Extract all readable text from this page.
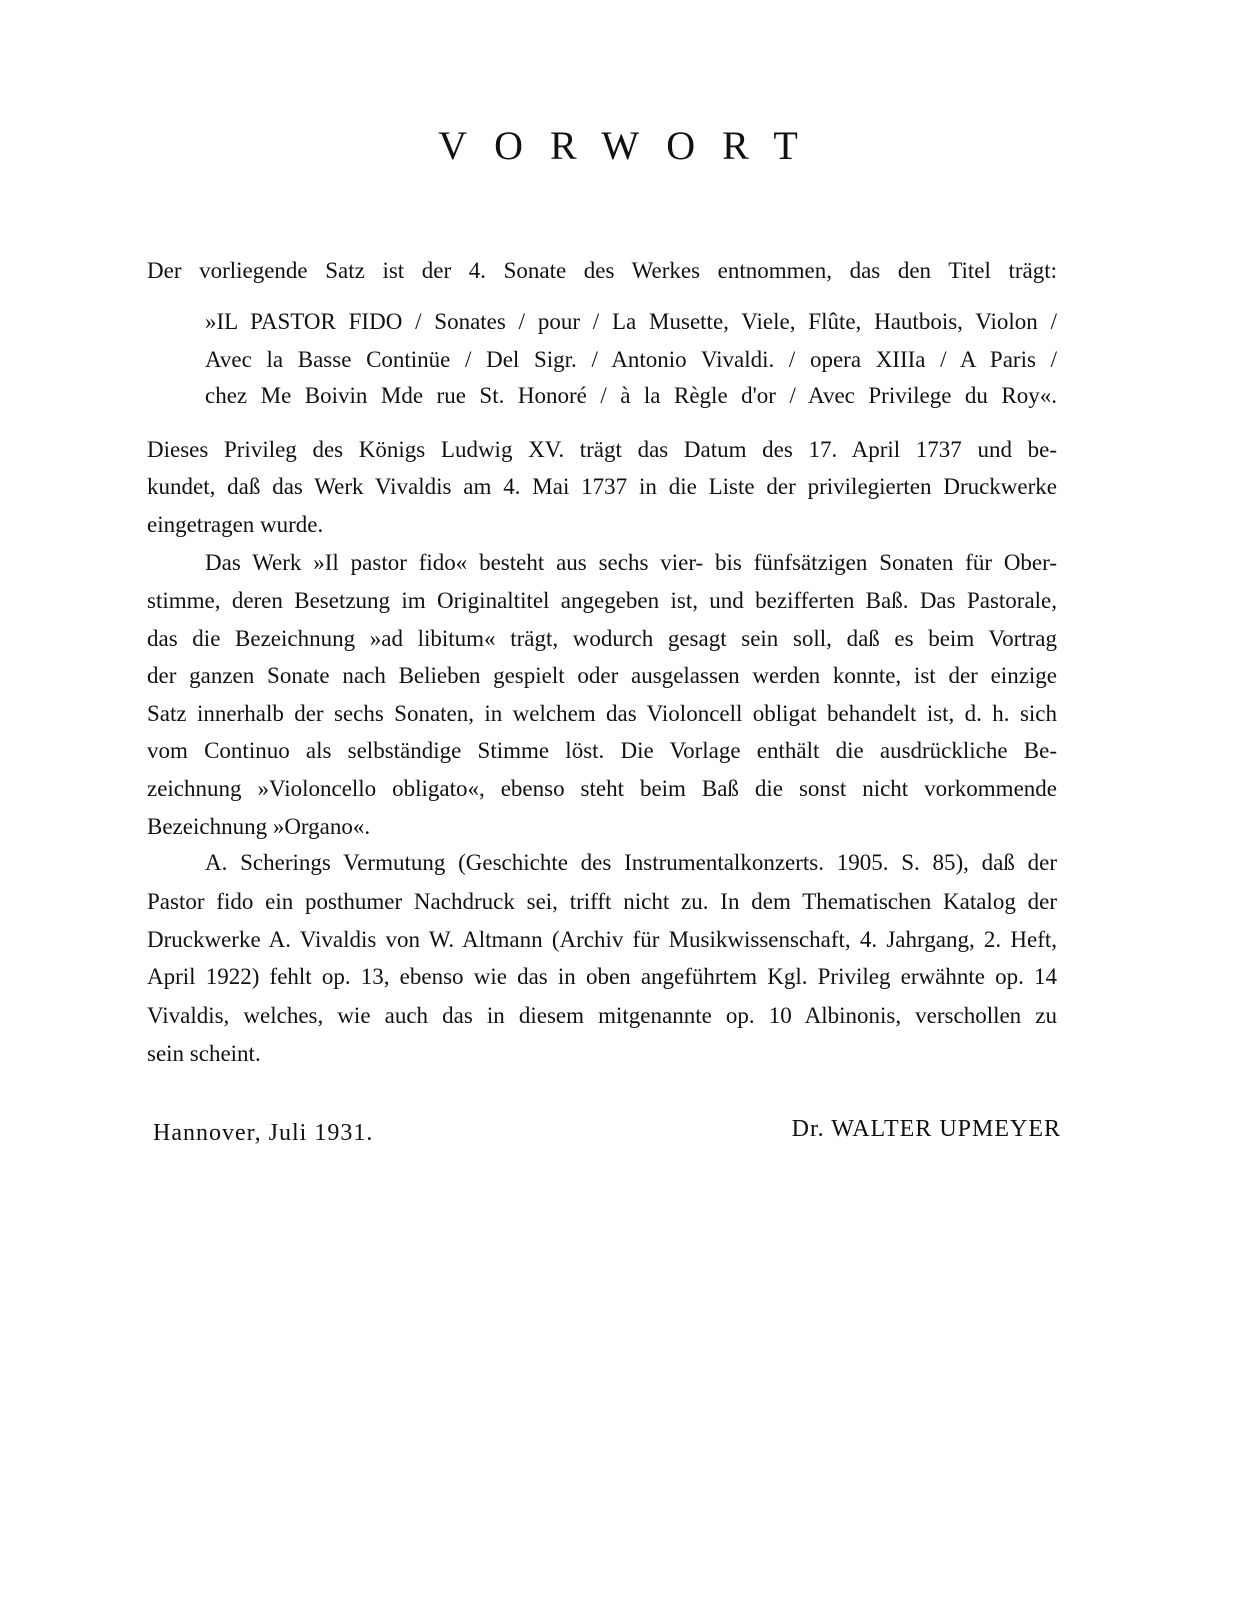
VORWORT
Der vorliegende Satz ist der 4. Sonate des Werkes entnommen, das den Titel trägt:
»IL PASTOR FIDO / Sonates / pour / La Musette, Viele, Flûte, Hautbois, Violon /
Avec la Basse Continüe / Del Sigr. / Antonio Vivaldi. / opera XIIIa / A Paris /
chez Me Boivin Mde rue St. Honoré / à la Règle d'or / Avec Privilege du Roy«.
Dieses Privileg des Königs Ludwig XV. trägt das Datum des 17. April 1737 und be-
kundet, daß das Werk Vivaldis am 4. Mai 1737 in die Liste der privilegierten Druckwerke
eingetragen wurde.
Das Werk »Il pastor fido« besteht aus sechs vier- bis fünfsätzigen Sonaten für Ober-
stimme, deren Besetzung im Originaltitel angegeben ist, und bezifferten Baß. Das Pastorale,
das die Bezeichnung »ad libitum« trägt, wodurch gesagt sein soll, daß es beim Vortrag
der ganzen Sonate nach Belieben gespielt oder ausgelassen werden konnte, ist der einzige
Satz innerhalb der sechs Sonaten, in welchem das Violoncell obligat behandelt ist, d. h. sich
vom Continuo als selbständige Stimme löst. Die Vorlage enthält die ausdrückliche Be-
zeichnung »Violoncello obligato«, ebenso steht beim Baß die sonst nicht vorkommende
Bezeichnung »Organo«.
A. Scherings Vermutung (Geschichte des Instrumentalkonzerts. 1905. S. 85), daß der
Pastor fido ein posthumer Nachdruck sei, trifft nicht zu. In dem Thematischen Katalog der
Druckwerke A. Vivaldis von W. Altmann (Archiv für Musikwissenschaft, 4. Jahrgang, 2. Heft,
April 1922) fehlt op. 13, ebenso wie das in oben angeführtem Kgl. Privileg erwähnte op. 14
Vivaldis, welches, wie auch das in diesem mitgenannte op. 10 Albinonis, verschollen zu
sein scheint.
Hannover, Juli 1931.	Dr. WALTER UPMEYER
